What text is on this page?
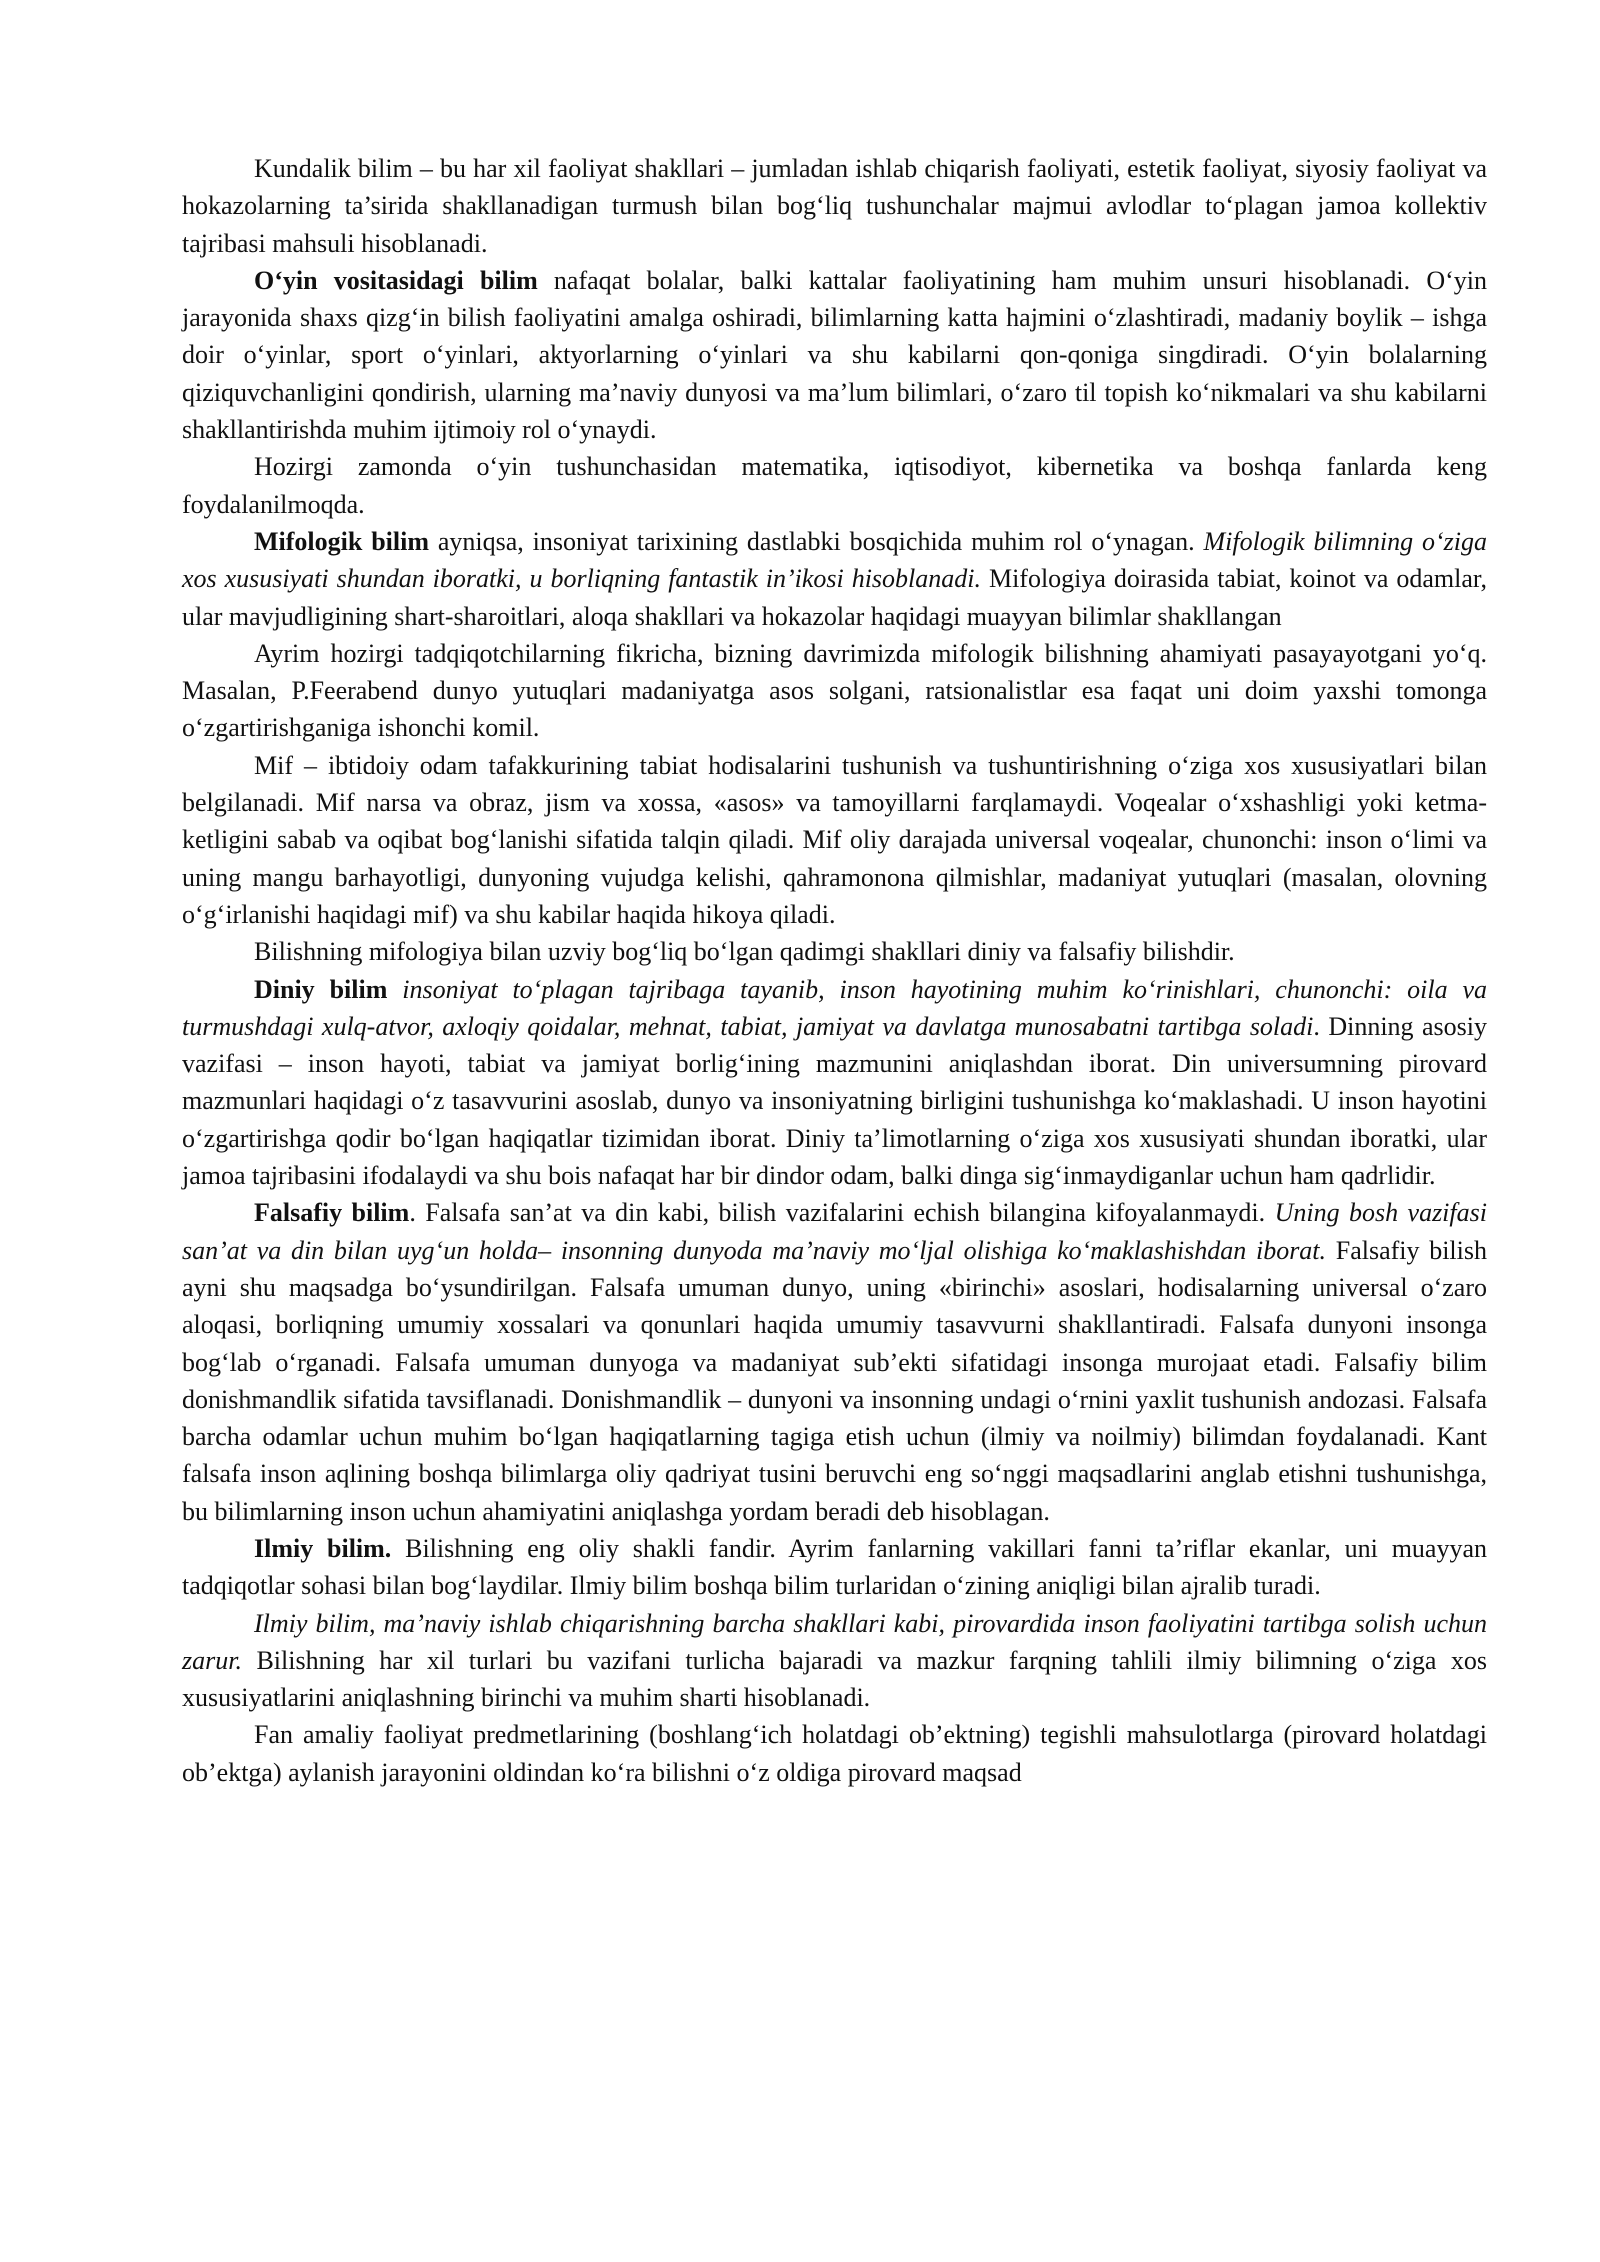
Kundalik bilim – bu har xil faoliyat shakllari – jumladan ishlab chiqarish faoliyati, estetik faoliyat, siyosiy faoliyat va hokazolarning ta’sirida shakllanadigan turmush bilan bog‘liq tushunchalar majmui avlodlar to‘plagan jamoa kollektiv tajribasi mahsuli hisoblanadi.

O‘yin vositasidagi bilim nafaqat bolalar, balki kattalar faoliyatining ham muhim unsuri hisoblanadi. O‘yin jarayonida shaxs qizg‘in bilish faoliyatini amalga oshiradi, bilimlarning katta hajmini o‘zlashtiradi, madaniy boylik – ishga doir o‘yinlar, sport o‘yinlari, aktyorlarning o‘yinlari va shu kabilarni qon-qoniga singdiradi. O‘yin bolalarning qiziquvchanligini qondirish, ularning ma’naviy dunyosi va ma’lum bilimlari, o‘zaro til topish ko‘nikmalari va shu kabilarni shakllantirishda muhim ijtimoiy rol o‘ynaydi.

Hozirgi zamonda o‘yin tushunchasidan matematika, iqtisodiyot, kibernetika va boshqa fanlarda keng foydalanilmoqda.

Mifologik bilim ayniqsa, insoniyat tarixining dastlabki bosqichida muhim rol o‘ynagan. Mifologik bilimning o‘ziga xos xususiyati shundan iboratki, u borliqning fantastik in’ikosi hisoblanadi. Mifologiya doirasida tabiat, koinot va odamlar, ular mavjudligining shart-sharoitlari, aloqa shakllari va hokazolar haqidagi muayyan bilimlar shakllangan

Ayrim hozirgi tadqiqotchilarning fikricha, bizning davrimizda mifologik bilishning ahamiyati pasayayotgani yo‘q. Masalan, P.Feerabend dunyo yutuqlari madaniyatga asos solgani, ratsionalistlar esa faqat uni doim yaxshi tomonga o‘zgartirishganiga ishonchi komil.

Mif – ibtidoiy odam tafakkurining tabiat hodisalarini tushunish va tushuntirishning o‘ziga xos xususiyatlari bilan belgilanadi. Mif narsa va obraz, jism va xossa, «asos» va tamoyillarni farqlamaydi. Voqealar o‘xshashligi yoki ketma-ketligini sabab va oqibat bog‘lanishi sifatida talqin qiladi. Mif oliy darajada universal voqealar, chunonchi: inson o‘limi va uning mangu barhayotligi, dunyoning vujudga kelishi, qahramonona qilmishlar, madaniyat yutuqlari (masalan, olovning o‘g‘irlanishi haqidagi mif) va shu kabilar haqida hikoya qiladi.

Bilishning mifologiya bilan uzviy bog‘liq bo‘lgan qadimgi shakllari diniy va falsafiy bilishdir.

Diniy bilim insoniyat to‘plagan tajribaga tayanib, inson hayotining muhim ko‘rinishlari, chunonchi: oila va turmushdagi xulq-atvor, axloqiy qoidalar, mehnat, tabiat, jamiyat va davlatga munosabatni tartibga soladi. Dinning asosiy vazifasi – inson hayoti, tabiat va jamiyat borlig‘ining mazmunini aniqlashdan iborat. Din universumning pirovard mazmunlari haqidagi o‘z tasavvurini asoslab, dunyo va insoniyatning birligini tushunishga ko‘maklashadi. U inson hayotini o‘zgartirishga qodir bo‘lgan haqiqatlar tizimidan iborat. Diniy ta’limotlarning o‘ziga xos xususiyati shundan iboratki, ular jamoa tajribasini ifodalaydi va shu bois nafaqat har bir dindor odam, balki dinga sig‘inmaydiganlar uchun ham qadrlidir.

Falsafiy bilim. Falsafa san’at va din kabi, bilish vazifalarini echish bilangina kifoyalanmaydi. Uning bosh vazifasi san’at va din bilan uyg‘un holda– insonning dunyoda ma’naviy mo‘ljal olishiga ko‘maklashishdan iborat. Falsafiy bilish ayni shu maqsadga bo‘ysundirilgan. Falsafa umuman dunyo, uning «birinchi» asoslari, hodisalarning universal o‘zaro aloqasi, borliqning umumiy xossalari va qonunlari haqida umumiy tasavvurni shakllantiradi. Falsafa dunyoni insonga bog‘lab o‘rganadi. Falsafa umuman dunyoga va madaniyat sub’ekti sifatidagi insonga murojaat etadi. Falsafiy bilim donishmandlik sifatida tavsiflanadi. Donishmandlik – dunyoni va insonning undagi o‘rnini yaxlit tushunish andozasi. Falsafa barcha odamlar uchun muhim bo‘lgan haqiqatlarning tagiga etish uchun (ilmiy va noilmiy) bilimdan foydalanadi. Kant falsafa inson aqlining boshqa bilimlarga oliy qadriyat tusini beruvchi eng so‘nggi maqsadlarini anglab etishni tushunishga, bu bilimlarning inson uchun ahamiyatini aniqlashga yordam beradi deb hisoblagan.

Ilmiy bilim. Bilishning eng oliy shakli fandir. Ayrim fanlarning vakillari fanni ta’riflar ekanlar, uni muayyan tadqiqotlar sohasi bilan bog‘laydilar. Ilmiy bilim boshqa bilim turlaridan o‘zining aniqligi bilan ajralib turadi.

Ilmiy bilim, ma’naviy ishlab chiqarishning barcha shakllari kabi, pirovardida inson faoliyatini tartibga solish uchun zarur. Bilishning har xil turlari bu vazifani turlicha bajaradi va mazkur farqning tahlili ilmiy bilimning o‘ziga xos xususiyatlarini aniqlashning birinchi va muhim sharti hisoblanadi.

Fan amaliy faoliyat predmetlarining (boshlang‘ich holatdagi ob’ektning) tegishli mahsulotlarga (pirovard holatdagi ob’ektga) aylanish jarayonini oldindan ko‘ra bilishni o‘z oldiga pirovard maqsad
